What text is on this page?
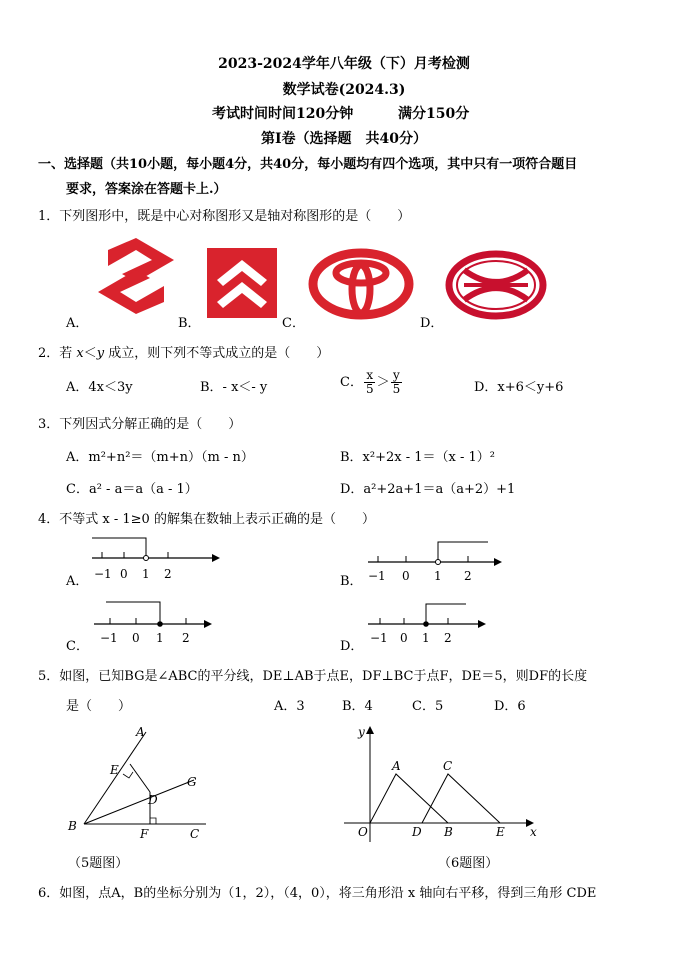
2023-2024学年八年级（下）月考检测
数学试卷(2024.3)
考试时间时间120分钟	满分150分
第Ⅰ卷（选择题　共40分）
一、选择题（共10小题，每小题4分，共40分，每小题均有四个选项，其中只有一项符合题目
要求，答案涂在答题卡上.）
1．下列图形中，既是中心对称图形又是轴对称图形的是（　　）
A．	B．	C．	D．
2．若 x＜y 成立，则下列不等式成立的是（　　）
A．4x＜3y	B．- x＜- y	C． $\frac{x}{5} > \frac{y}{5}$	D．x+6＜y+6
3．下列因式分解正确的是（　　）
A．m²+n²＝（m+n）（m - n）	B．x²+2x - 1＝（x - 1）²
C．a² - a＝a（a - 1）	D．a²+2a+1＝a（a+2）+1
4．不等式 x - 1≥0 的解集在数轴上表示正确的是（　　）
−1 0 1 2
A．	−1 0 1 2
B．
−1 0 1 2
C．
−1 0 1 2
D．
5．如图，已知BG是∠ABC的平分线，DE⊥AB于点E，DF⊥BC于点F，DE＝5，则DF的长度
是（　　）	A．3	B．4	C．5	D．6
A
E
G
D
B
F	C
（5题图）
y
x
O
A	C
D B	E
（6题图）
6．如图，点A，B的坐标分别为（1，2），（4，0），将三角形沿 x 轴向右平移，得到三角形 CDE
